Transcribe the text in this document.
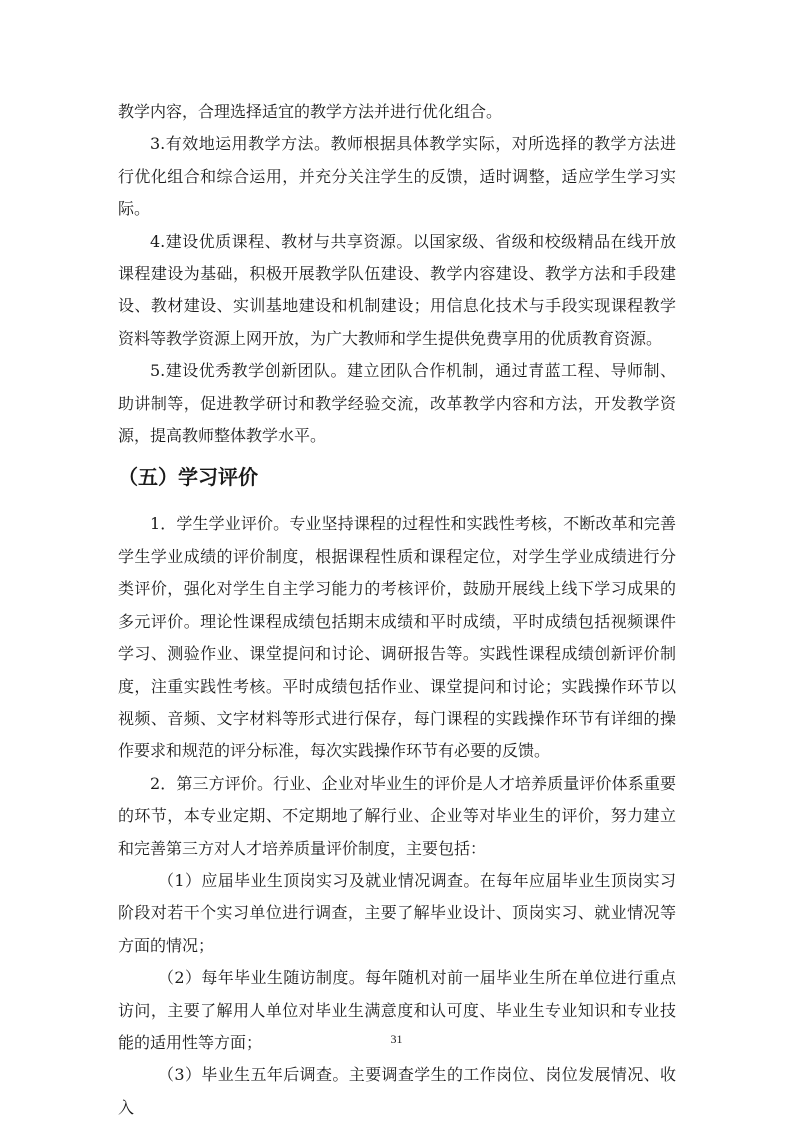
教学内容，合理选择适宜的教学方法并进行优化组合。

3.有效地运用教学方法。教师根据具体教学实际，对所选择的教学方法进行优化组合和综合运用，并充分关注学生的反馈，适时调整，适应学生学习实际。

4.建设优质课程、教材与共享资源。以国家级、省级和校级精品在线开放课程建设为基础，积极开展教学队伍建设、教学内容建设、教学方法和手段建设、教材建设、实训基地建设和机制建设；用信息化技术与手段实现课程教学资料等教学资源上网开放，为广大教师和学生提供免费享用的优质教育资源。

5.建设优秀教学创新团队。建立团队合作机制，通过青蓝工程、导师制、助讲制等，促进教学研讨和教学经验交流，改革教学内容和方法，开发教学资源，提高教师整体教学水平。

（五）学习评价

1．学生学业评价。专业坚持课程的过程性和实践性考核，不断改革和完善学生学业成绩的评价制度，根据课程性质和课程定位，对学生学业成绩进行分类评价，强化对学生自主学习能力的考核评价，鼓励开展线上线下学习成果的多元评价。理论性课程成绩包括期末成绩和平时成绩，平时成绩包括视频课件学习、测验作业、课堂提问和讨论、调研报告等。实践性课程成绩创新评价制度，注重实践性考核。平时成绩包括作业、课堂提问和讨论；实践操作环节以视频、音频、文字材料等形式进行保存，每门课程的实践操作环节有详细的操作要求和规范的评分标准，每次实践操作环节有必要的反馈。

2．第三方评价。行业、企业对毕业生的评价是人才培养质量评价体系重要的环节，本专业定期、不定期地了解行业、企业等对毕业生的评价，努力建立和完善第三方对人才培养质量评价制度，主要包括：

（1）应届毕业生顶岗实习及就业情况调查。在每年应届毕业生顶岗实习阶段对若干个实习单位进行调查，主要了解毕业设计、顶岗实习、就业情况等方面的情况；

（2）每年毕业生随访制度。每年随机对前一届毕业生所在单位进行重点访问，主要了解用人单位对毕业生满意度和认可度、毕业生专业知识和专业技能的适用性等方面；

（3）毕业生五年后调查。主要调查学生的工作岗位、岗位发展情况、收入

31
